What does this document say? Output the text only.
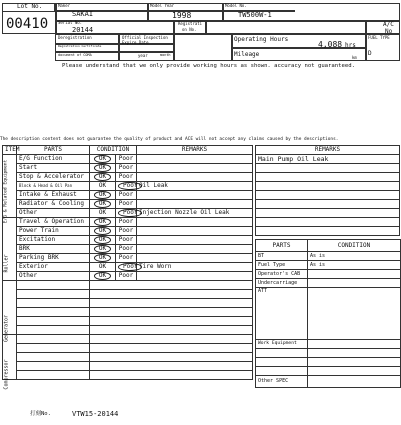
Lot No.
00410
Maker
SAKAI
Model Year
1998
Model No.
TW500W-1
Serial No.
20144
Registrati
on No.
A/C
No
Deregistration
Registration Certificate
document of COMA
Official Inspection
Expire Date
year	month
Operating Hours
4,088 hrs
Mileage	km
FUEL TYPE
D
Please understand that we only provide working hours as shown. accuracy not guaranteed.
The description content does not guarantee the quality of product and ACE will not accept any claims caused by the descriptions.
ITEM	PARTS	CONDITION		REMARKS
	E/G Function	OK	Poor	
	Start	OK	Poor	
	Stop & Accelerator	OK	Poor	
	Block & Head & Oil Pan	OK	Poor	Oil Leak
	Intake & Exhaust	OK	Poor	
	Radiator & Cooling	OK	Poor	
	Other	OK	Poor	Injection Nozzle Oil Leak
	Travel & Operation	OK	Poor	
	Power Train	OK	Poor	
	Excitation	OK	Poor	
	BRK	OK	Poor	
	Parking BRK	OK	Poor	
	Exterior	OK	Poor	Tire Worn
	Other	OK	Poor	

E/G & Related Equipment
Roller
Generator
Compressor
REMARKS
Main Pump Oil Leak

PARTS	CONDITION
BT	As is
Fuel Type	As is
Operator's CAB	
Undercarriage	
ATT	
Work Equipment	

Other SPEC	
打刻No.	VTW15-20144
